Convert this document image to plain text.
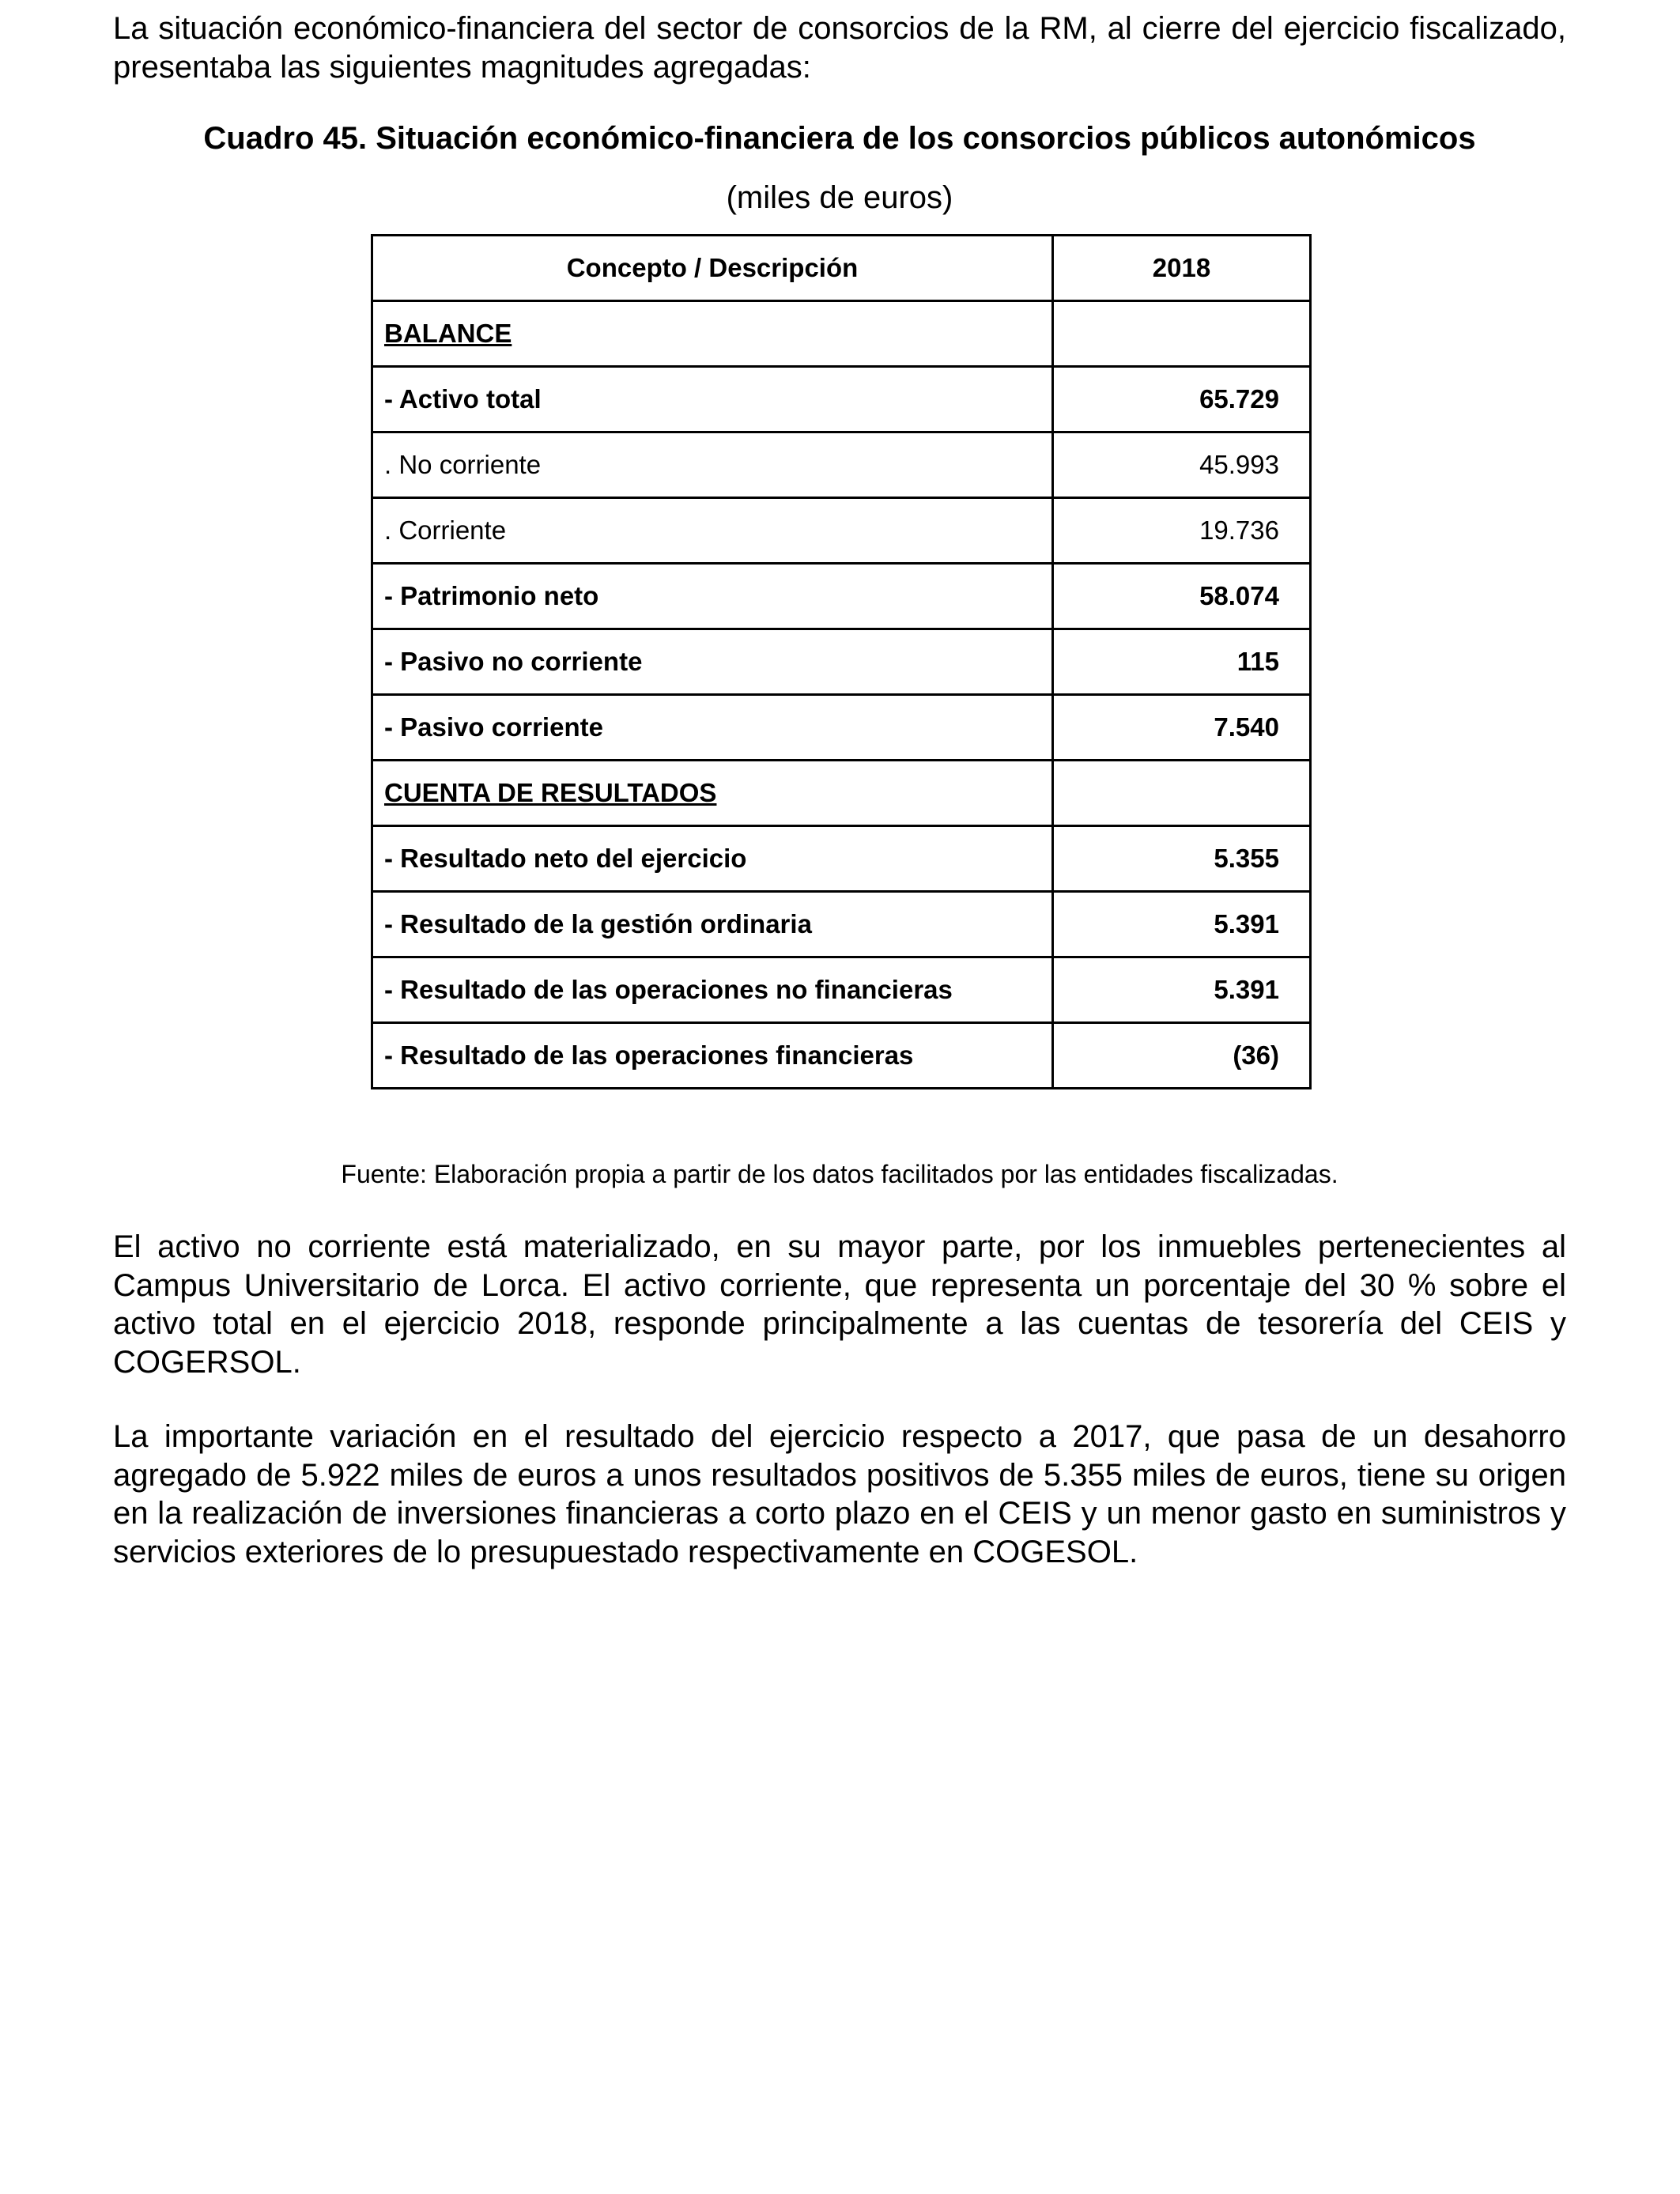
La situación económico-financiera del sector de consorcios de la RM, al cierre del ejercicio fiscalizado, presentaba las siguientes magnitudes agregadas:

Cuadro 45. Situación económico-financiera de los consorcios públicos autonómicos

(miles de euros)

Concepto / Descripción	2018
BALANCE	
- Activo total	65.729
. No corriente	45.993
. Corriente	19.736
- Patrimonio neto	58.074
- Pasivo no corriente	115
- Pasivo corriente	7.540
CUENTA DE RESULTADOS	
- Resultado neto del ejercicio	5.355
- Resultado de la gestión ordinaria	5.391
- Resultado de las operaciones no financieras	5.391
- Resultado de las operaciones financieras	(36)

Fuente: Elaboración propia a partir de los datos facilitados por las entidades fiscalizadas.

El activo no corriente está materializado, en su mayor parte, por los inmuebles pertenecientes al Campus Universitario de Lorca. El activo corriente, que representa un porcentaje del 30 % sobre el activo total en el ejercicio 2018, responde principalmente a las cuentas de tesorería del CEIS y COGERSOL.

La importante variación en el resultado del ejercicio respecto a 2017, que pasa de un desahorro agregado de 5.922 miles de euros a unos resultados positivos de 5.355 miles de euros, tiene su origen en la realización de inversiones financieras a corto plazo en el CEIS y un menor gasto en suministros y servicios exteriores de lo presupuestado respectivamente en COGESOL.
